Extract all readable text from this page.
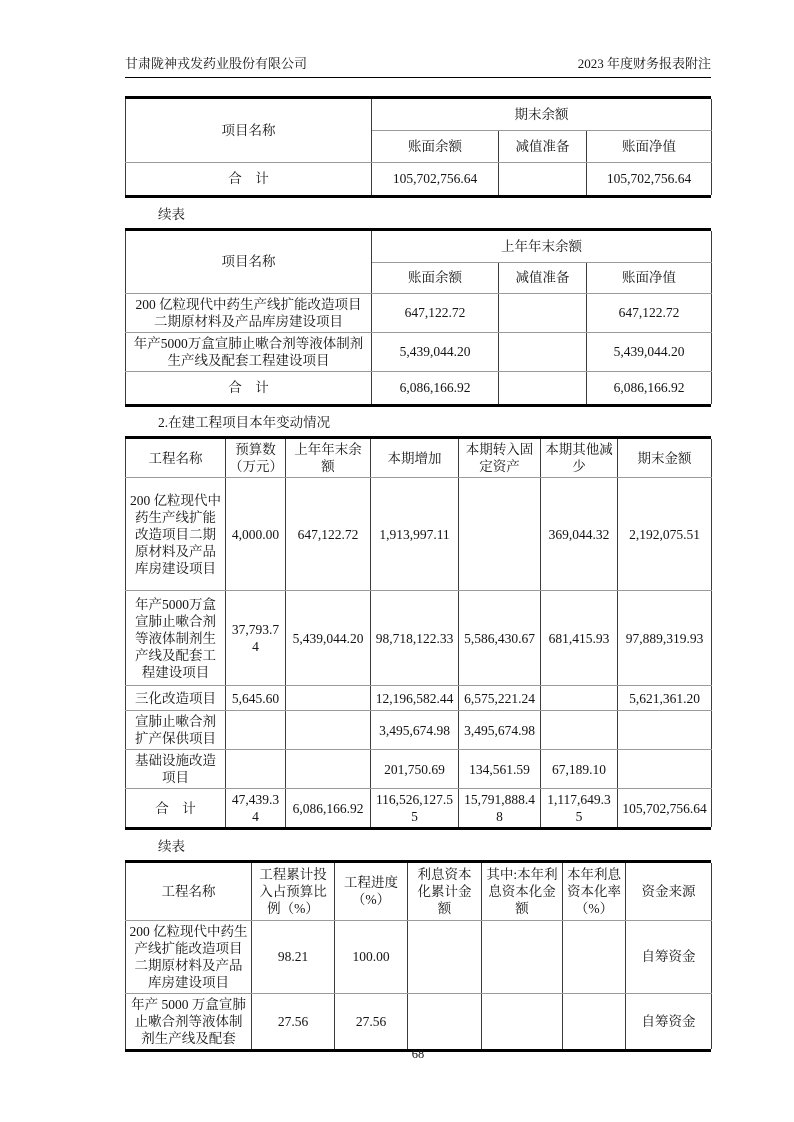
甘肃陇神戎发药业股份有限公司	2023 年度财务报表附注
项目名称	期末余额		
	账面余额	减值准备	账面净值
合　计	105,702,756.64		105,702,756.64
续表
项目名称	上年年末余额		
	账面余额	减值准备	账面净值
200 亿粒现代中药生产线扩能改造项目二期原材料及产品库房建设项目	647,122.72		647,122.72
年产5000万盒宣肺止嗽合剂等液体制剂生产线及配套工程建设项目	5,439,044.20		5,439,044.20
合　计	6,086,166.92		6,086,166.92
2.在建工程项目本年变动情况
工程名称	预算数（万元）	上年年末余额	本期增加	本期转入固定资产	本期其他减少	期末金额
200 亿粒现代中药生产线扩能改造项目二期原材料及产品库房建设项目	4,000.00	647,122.72	1,913,997.11		369,044.32	2,192,075.51
年产5000万盒宣肺止嗽合剂等液体制剂生产线及配套工程建设项目	37,793.74	5,439,044.20	98,718,122.33	5,586,430.67	681,415.93	97,889,319.93
三化改造项目	5,645.60		12,196,582.44	6,575,221.24		5,621,361.20
宣肺止嗽合剂扩产保供项目			3,495,674.98	3,495,674.98		
基础设施改造项目			201,750.69	134,561.59	67,189.10	
合　计	47,439.34	6,086,166.92	116,526,127.55	15,791,888.48	1,117,649.35	105,702,756.64
续表
工程名称	工程累计投入占预算比例（%）	工程进度（%）	利息资本化累计金额	其中:本年利息资本化金额	本年利息资本化率（%）	资金来源
200 亿粒现代中药生产线扩能改造项目二期原材料及产品库房建设项目	98.21	100.00				自筹资金
年产 5000 万盒宣肺止嗽合剂等液体制剂生产线及配套	27.56	27.56				自筹资金
68
